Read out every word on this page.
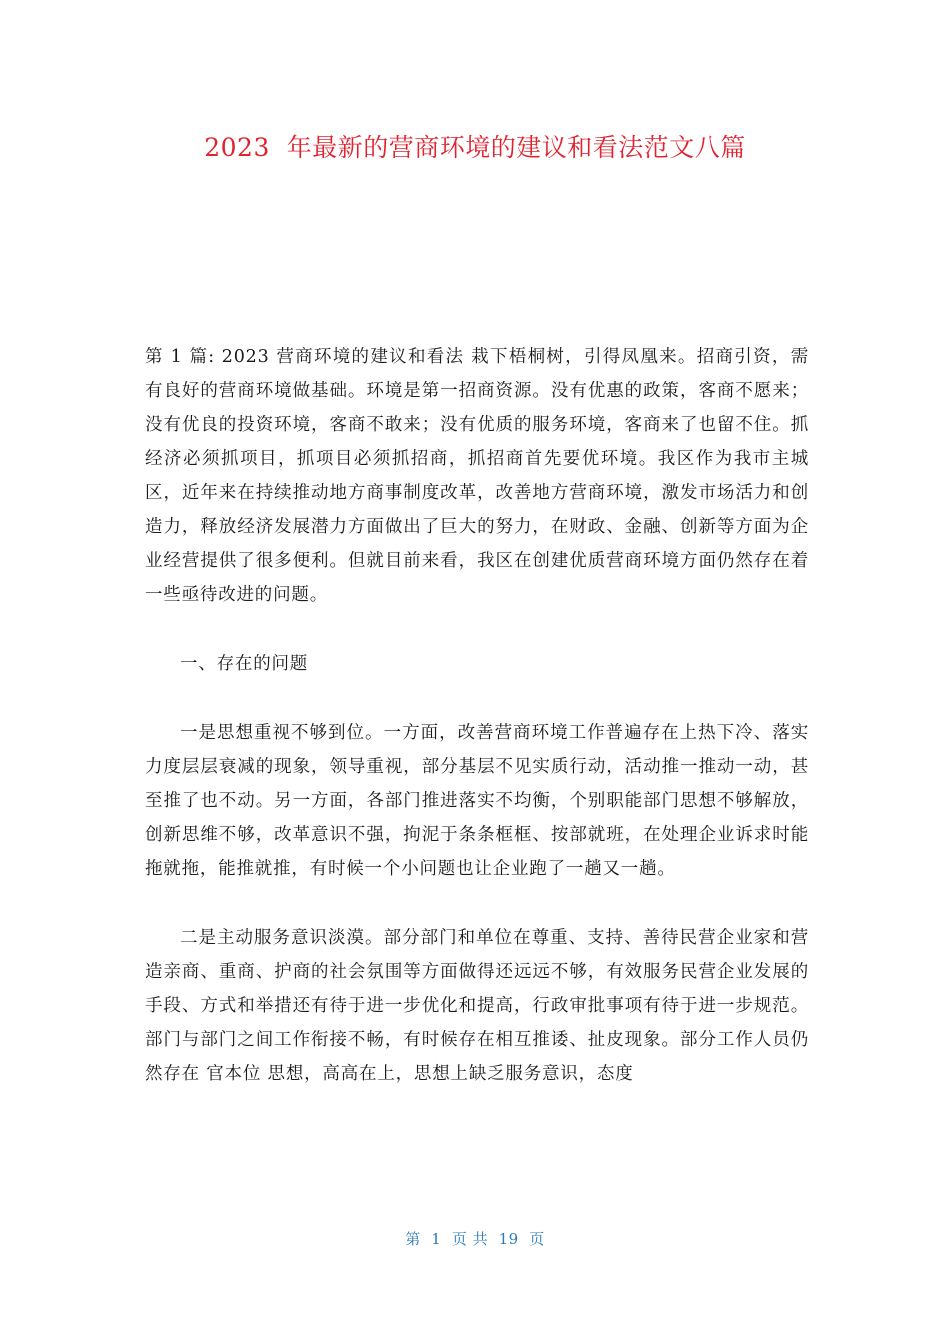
2023  年最新的营商环境的建议和看法范文八篇

第 1 篇: 2023 营商环境的建议和看法 栽下梧桐树，引得凤凰来。招商引资，需有良好的营商环境做基础。环境是第一招商资源。没有优惠的政策，客商不愿来；没有优良的投资环境，客商不敢来；没有优质的服务环境，客商来了也留不住。抓经济必须抓项目，抓项目必须抓招商，抓招商首先要优环境。我区作为我市主城区，近年来在持续推动地方商事制度改革，改善地方营商环境，激发市场活力和创造力，释放经济发展潜力方面做出了巨大的努力，在财政、金融、创新等方面为企业经营提供了很多便利。但就目前来看，我区在创建优质营商环境方面仍然存在着一些亟待改进的问题。

一、存在的问题

一是思想重视不够到位。一方面，改善营商环境工作普遍存在上热下冷、落实力度层层衰减的现象，领导重视，部分基层不见实质行动，活动推一推动一动，甚至推了也不动。另一方面，各部门推进落实不均衡，个别职能部门思想不够解放，创新思维不够，改革意识不强，拘泥于条条框框、按部就班，在处理企业诉求时能拖就拖，能推就推，有时候一个小问题也让企业跑了一趟又一趟。

二是主动服务意识淡漠。部分部门和单位在尊重、支持、善待民营企业家和营造亲商、重商、护商的社会氛围等方面做得还远远不够，有效服务民营企业发展的手段、方式和举措还有待于进一步优化和提高，行政审批事项有待于进一步规范。部门与部门之间工作衔接不畅，有时候存在相互推诿、扯皮现象。部分工作人员仍然存在 官本位 思想，高高在上，思想上缺乏服务意识，态度

第  1  页 共  19  页
